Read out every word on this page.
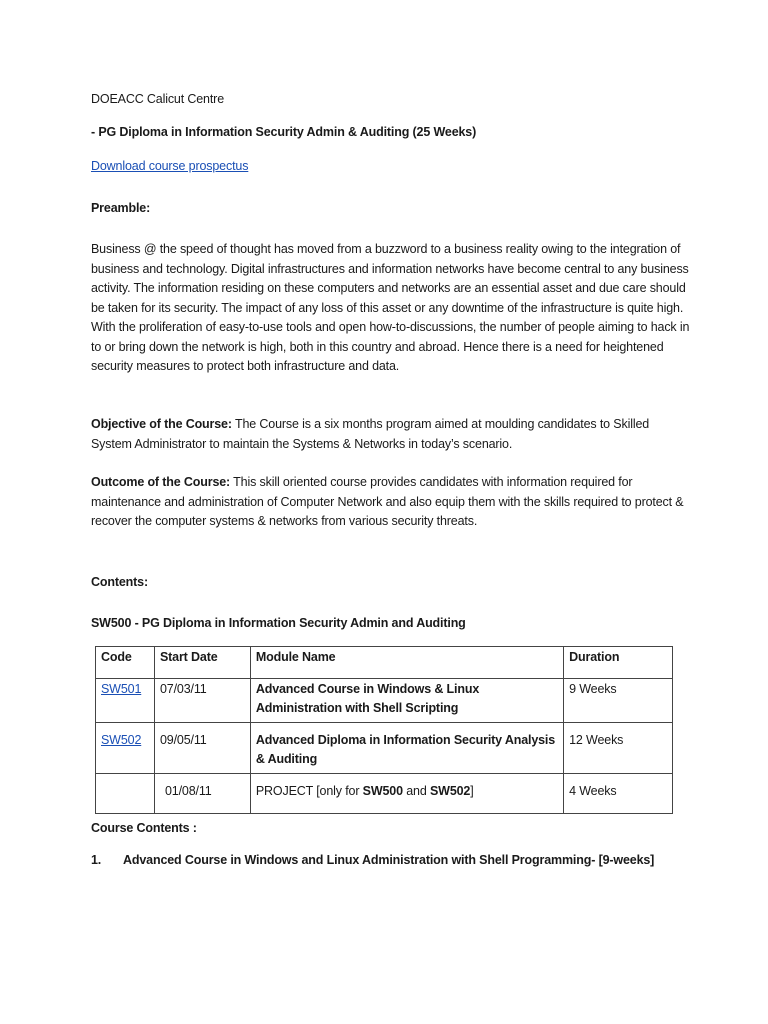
DOEACC Calicut Centre
- PG Diploma in Information Security Admin & Auditing (25 Weeks)
Download course prospectus
Preamble:

Business @ the speed of thought has moved from a buzzword to a business reality owing to the integration of business and technology. Digital infrastructures and information networks have become central to any business activity. The information residing on these computers and networks are an essential asset and due care should be taken for its security. The impact of any loss of this asset or any downtime of the infrastructure is quite high.

With the proliferation of easy-to-use tools and open how-to-discussions, the number of people aiming to hack in to or bring down the network is high, both in this country and abroad. Hence there is a need for heightened security measures to protect both infrastructure and data.

Objective of the Course: The Course is a six months program aimed at moulding candidates to Skilled System Administrator to maintain the Systems & Networks in today’s scenario.
Outcome of the Course: This skill oriented course provides candidates with information required for maintenance and administration of Computer Network and also equip them with the skills required to protect & recover the computer systems & networks from various security threats.
Contents:
SW500 - PG Diploma in Information Security Admin and Auditing
Code	Start Date	Module Name	Duration
SW501	07/03/11	Advanced Course in Windows & Linux Administration with Shell Scripting	9 Weeks
SW502	09/05/11	Advanced Diploma in Information Security Analysis & Auditing	12 Weeks
	01/08/11	PROJECT [only for SW500 and SW502]	4 Weeks
Course Contents :
1. Advanced Course in Windows and Linux Administration with Shell Programming- [9-weeks]
